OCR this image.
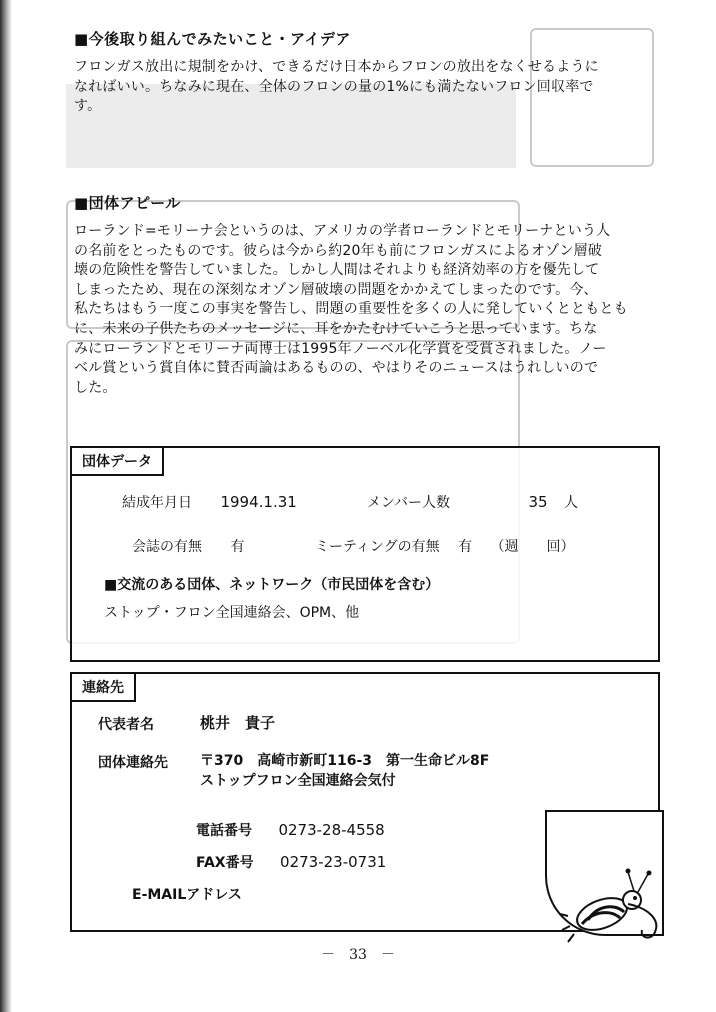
■今後取り組んでみたいこと・アイデア

フロンガス放出に規制をかけ、できるだけ日本からフロンの放出をなくせるように

なればいい。ちなみに現在、全体のフロンの量の1%にも満たないフロン回収率で

す。

■団体アピール

ローランド=モリーナ会というのは、アメリカの学者ローランドとモリーナという人

の名前をとったものです。彼らは今から約20年も前にフロンガスによるオゾン層破

壊の危険性を警告していました。しかし人間はそれよりも経済効率の方を優先して

しまったため、現在の深刻なオゾン層破壊の問題をかかえてしまったのです。今、

私たちはもう一度この事実を警告し、問題の重要性を多くの人に発していくとともとも

に、未来の子供たちのメッセージに、耳をかたむけていこうと思っています。ちな

みにローランドとモリーナ両博士は1995年ノーベル化学賞を受賞されました。ノー

ベル賞という賞自体に賛否両論はあるものの、やはりそのニュースはうれしいので

した。

団体データ
結成年月日 1994.1.31	メンバー人数	35 人
会誌の有無 有	ミーティングの有無 有 （週　　回）
■交流のある団体、ネットワーク（市民団体を含む）
ストップ・フロン全国連絡会、OPM、他
連絡先
代表者名	桃井　貴子
団体連絡先 〒370　高崎市新町116-3　第一生命ビル8F
ストップフロン全国連絡会気付
電話番号 0273-28-4558
FAX番号 0273-23-0731
E-MAILアドレス
－　33　－
